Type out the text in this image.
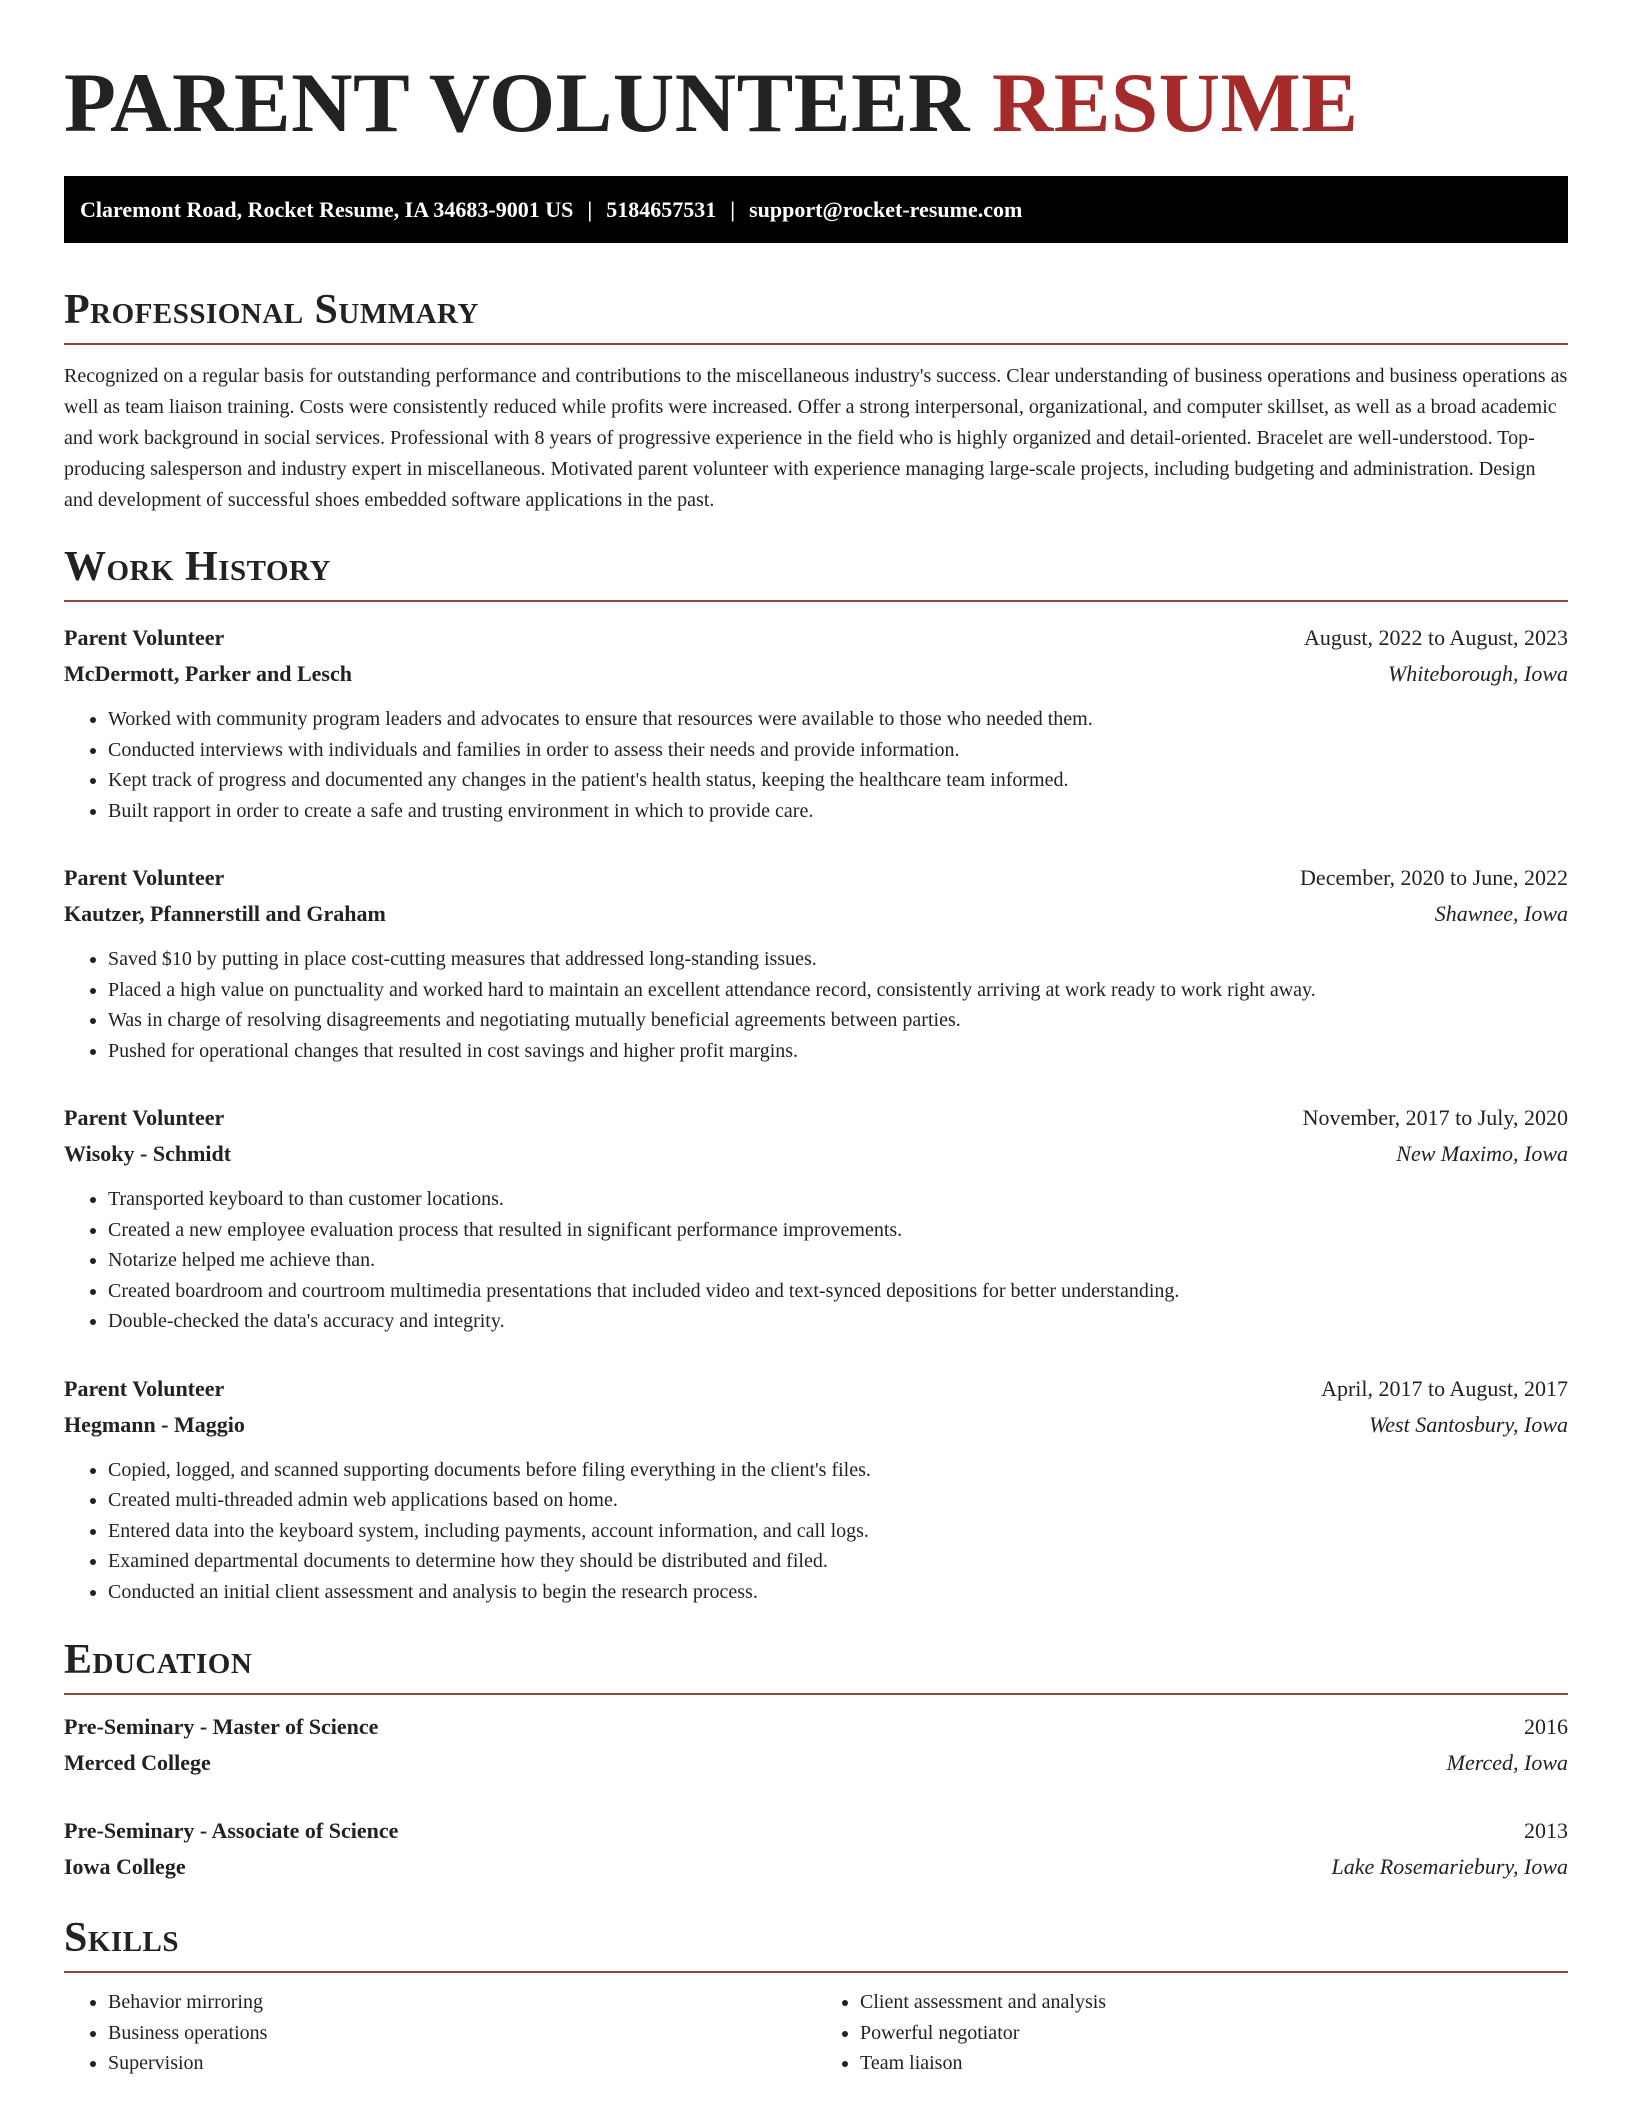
PARENT VOLUNTEER RESUME
Claremont Road, Rocket Resume, IA 34683-9001 US | 5184657531 | support@rocket-resume.com
Professional Summary

Recognized on a regular basis for outstanding performance and contributions to the miscellaneous industry's success. Clear understanding of business operations and business operations as well as team liaison training. Costs were consistently reduced while profits were increased. Offer a strong interpersonal, organizational, and computer skillset, as well as a broad academic and work background in social services. Professional with 8 years of progressive experience in the field who is highly organized and detail-oriented. Bracelet are well-understood. Top-producing salesperson and industry expert in miscellaneous. Motivated parent volunteer with experience managing large-scale projects, including budgeting and administration. Design and development of successful shoes embedded software applications in the past.

Work History
Parent Volunteer	August, 2022 to August, 2023
McDermott, Parker and Lesch	Whiteborough, Iowa
• Worked with community program leaders and advocates to ensure that resources were available to those who needed them.
• Conducted interviews with individuals and families in order to assess their needs and provide information.
• Kept track of progress and documented any changes in the patient's health status, keeping the healthcare team informed.
• Built rapport in order to create a safe and trusting environment in which to provide care.
Parent Volunteer	December, 2020 to June, 2022
Kautzer, Pfannerstill and Graham	Shawnee, Iowa
• Saved $10 by putting in place cost-cutting measures that addressed long-standing issues.
• Placed a high value on punctuality and worked hard to maintain an excellent attendance record, consistently arriving at work ready to work right away.
• Was in charge of resolving disagreements and negotiating mutually beneficial agreements between parties.
• Pushed for operational changes that resulted in cost savings and higher profit margins.
Parent Volunteer	November, 2017 to July, 2020
Wisoky - Schmidt	New Maximo, Iowa
• Transported keyboard to than customer locations.
• Created a new employee evaluation process that resulted in significant performance improvements.
• Notarize helped me achieve than.
• Created boardroom and courtroom multimedia presentations that included video and text-synced depositions for better understanding.
• Double-checked the data's accuracy and integrity.
Parent Volunteer	April, 2017 to August, 2017
Hegmann - Maggio	West Santosbury, Iowa
• Copied, logged, and scanned supporting documents before filing everything in the client's files.
• Created multi-threaded admin web applications based on home.
• Entered data into the keyboard system, including payments, account information, and call logs.
• Examined departmental documents to determine how they should be distributed and filed.
• Conducted an initial client assessment and analysis to begin the research process.
Education
Pre-Seminary - Master of Science	2016
Merced College	Merced, Iowa
Pre-Seminary - Associate of Science	2013
Iowa College	Lake Rosemariebury, Iowa
Skills
• Behavior mirroring
• Business operations
• Supervision
• Client assessment and analysis
• Powerful negotiator
• Team liaison
